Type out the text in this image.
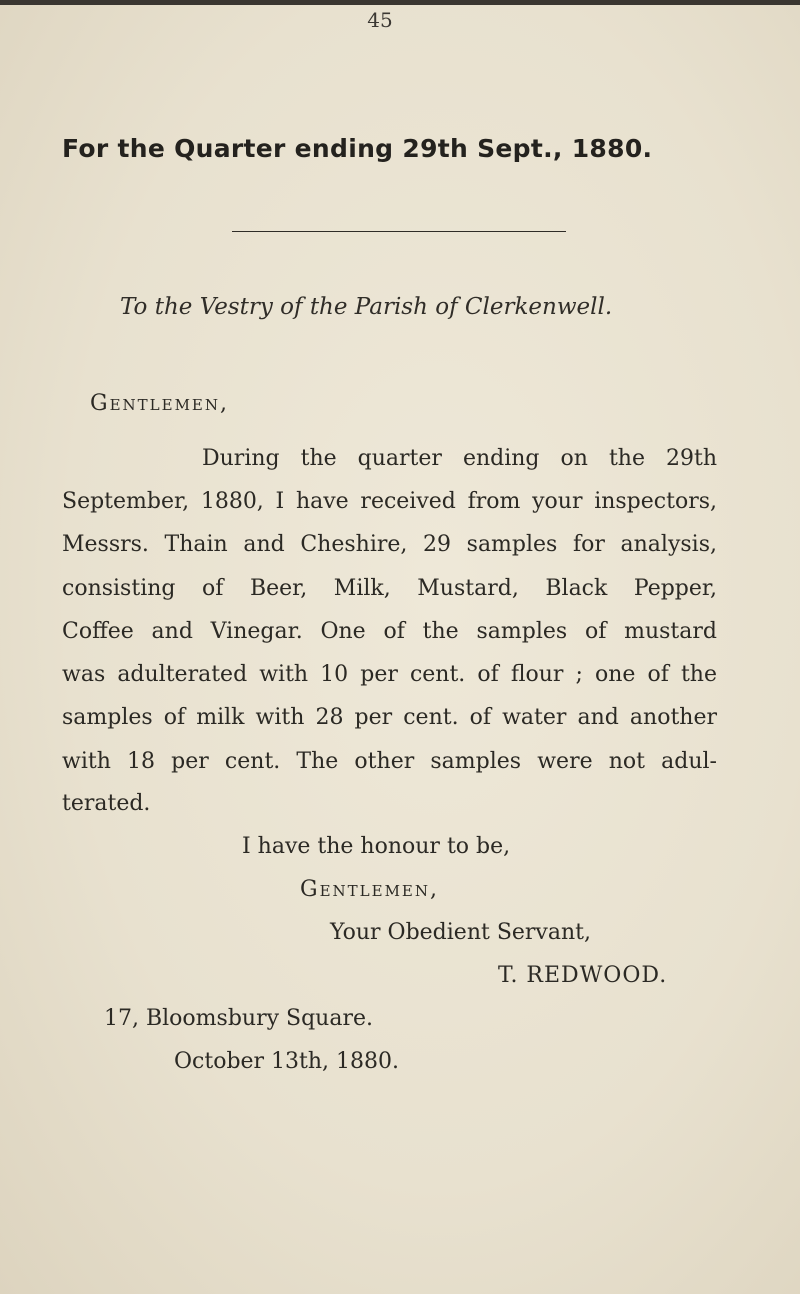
45
For the Quarter ending 29th Sept., 1880.
To the Vestry of the Parish of Clerkenwell.
Gentlemen,
During the quarter ending on the 29th
September, 1880, I have received from your inspectors,
Messrs. Thain and Cheshire, 29 samples for analysis,
consisting of Beer, Milk, Mustard, Black Pepper,
Coffee and Vinegar. One of the samples of mustard
was adulterated with 10 per cent. of flour ; one of the
samples of milk with 28 per cent. of water and another
with 18 per cent. The other samples were not adul-
terated.
I have the honour to be,
Gentlemen,
Your Obedient Servant,
T. REDWOOD.
17, Bloomsbury Square.
October 13th, 1880.
